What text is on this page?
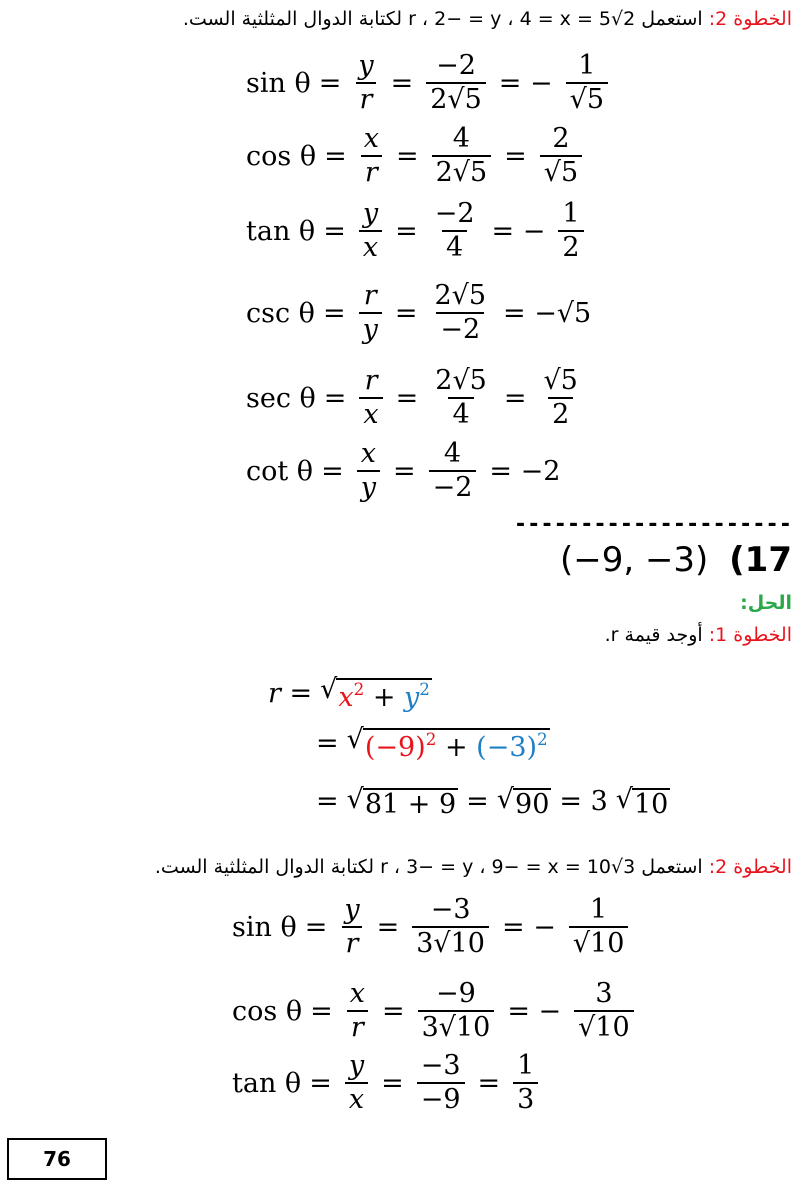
الخطوة 2: استعمل 2√5 = r ، 2− = y ، 4 = x لكتابة الدوال المثلثية الست.
$\sin \theta = \frac{y}{r} = \frac{-2}{2√5}$ = − $\frac{1}{√5}$
$\cos \theta = \frac{x}{r} = \frac{4}{2√5} = \frac{2}{√5}$
$\tan \theta = \frac{y}{x} = \frac{-2}{4}$ = − $\frac{1}{2}$
$\csc \theta = \frac{r}{y} = \frac{2√5}{-2} = -√5$
$\sec \theta = \frac{r}{x} = \frac{2√5}{4} = \frac{√5}{2}$
$\cot \theta = \frac{x}{y} = \frac{4}{-2} = -2$
---------------------
(−9, −3) (17
الحل:
الخطوة 1: أوجد قيمة r.
r = √ $x^2 + y^2$
= √ $(-9)^2 + (-3)^2$
= √ 81 + 9 = √ 90 = 3 √ 10
الخطوة 2: استعمل 3√10 = r ، 3− = y ، 9− = x لكتابة الدوال المثلثية الست.
$\sin \theta = \frac{y}{r} = \frac{-3}{3√10}$ = − $\frac{1}{√10}$
$\cos \theta = \frac{x}{r} = \frac{-9}{3√10}$ = − $\frac{3}{√10}$
$\tan \theta = \frac{y}{x} = \frac{-3}{-9} = \frac{1}{3}$
76
